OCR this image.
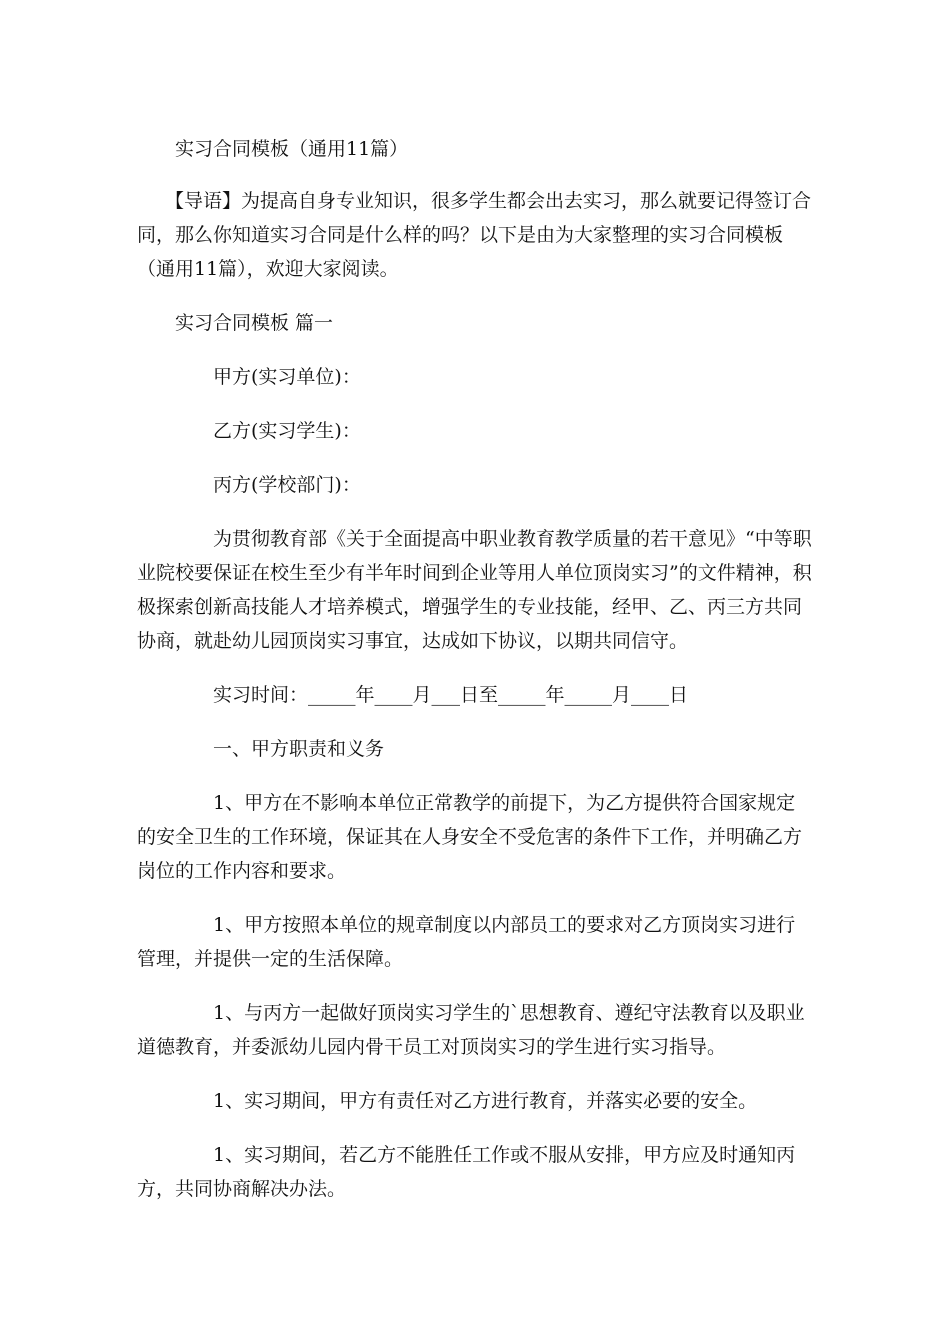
实习合同模板（通用11篇）

【导语】为提高自身专业知识，很多学生都会出去实习，那么就要记得签订合同，那么你知道实习合同是什么样的吗？以下是由为大家整理的实习合同模板（通用11篇），欢迎大家阅读。

实习合同模板 篇一

甲方(实习单位)：

乙方(实习学生)：

丙方(学校部门)：

为贯彻教育部《关于全面提高中职业教育教学质量的若干意见》“中等职业院校要保证在校生至少有半年时间到企业等用人单位顶岗实习”的文件精神，积极探索创新高技能人才培养模式，增强学生的专业技能，经甲、乙、丙三方共同协商，就赴幼儿园顶岗实习事宜，达成如下协议，以期共同信守。

实习时间：_____年____月___日至_____年_____月____日

一、甲方职责和义务

1、甲方在不影响本单位正常教学的前提下，为乙方提供符合国家规定的安全卫生的工作环境，保证其在人身安全不受危害的条件下工作，并明确乙方岗位的工作内容和要求。

1、甲方按照本单位的规章制度以内部员工的要求对乙方顶岗实习进行管理，并提供一定的生活保障。

1、与丙方一起做好顶岗实习学生的`思想教育、遵纪守法教育以及职业道德教育，并委派幼儿园内骨干员工对顶岗实习的学生进行实习指导。

1、实习期间，甲方有责任对乙方进行教育，并落实必要的安全。

1、实习期间，若乙方不能胜任工作或不服从安排，甲方应及时通知丙方，共同协商解决办法。
